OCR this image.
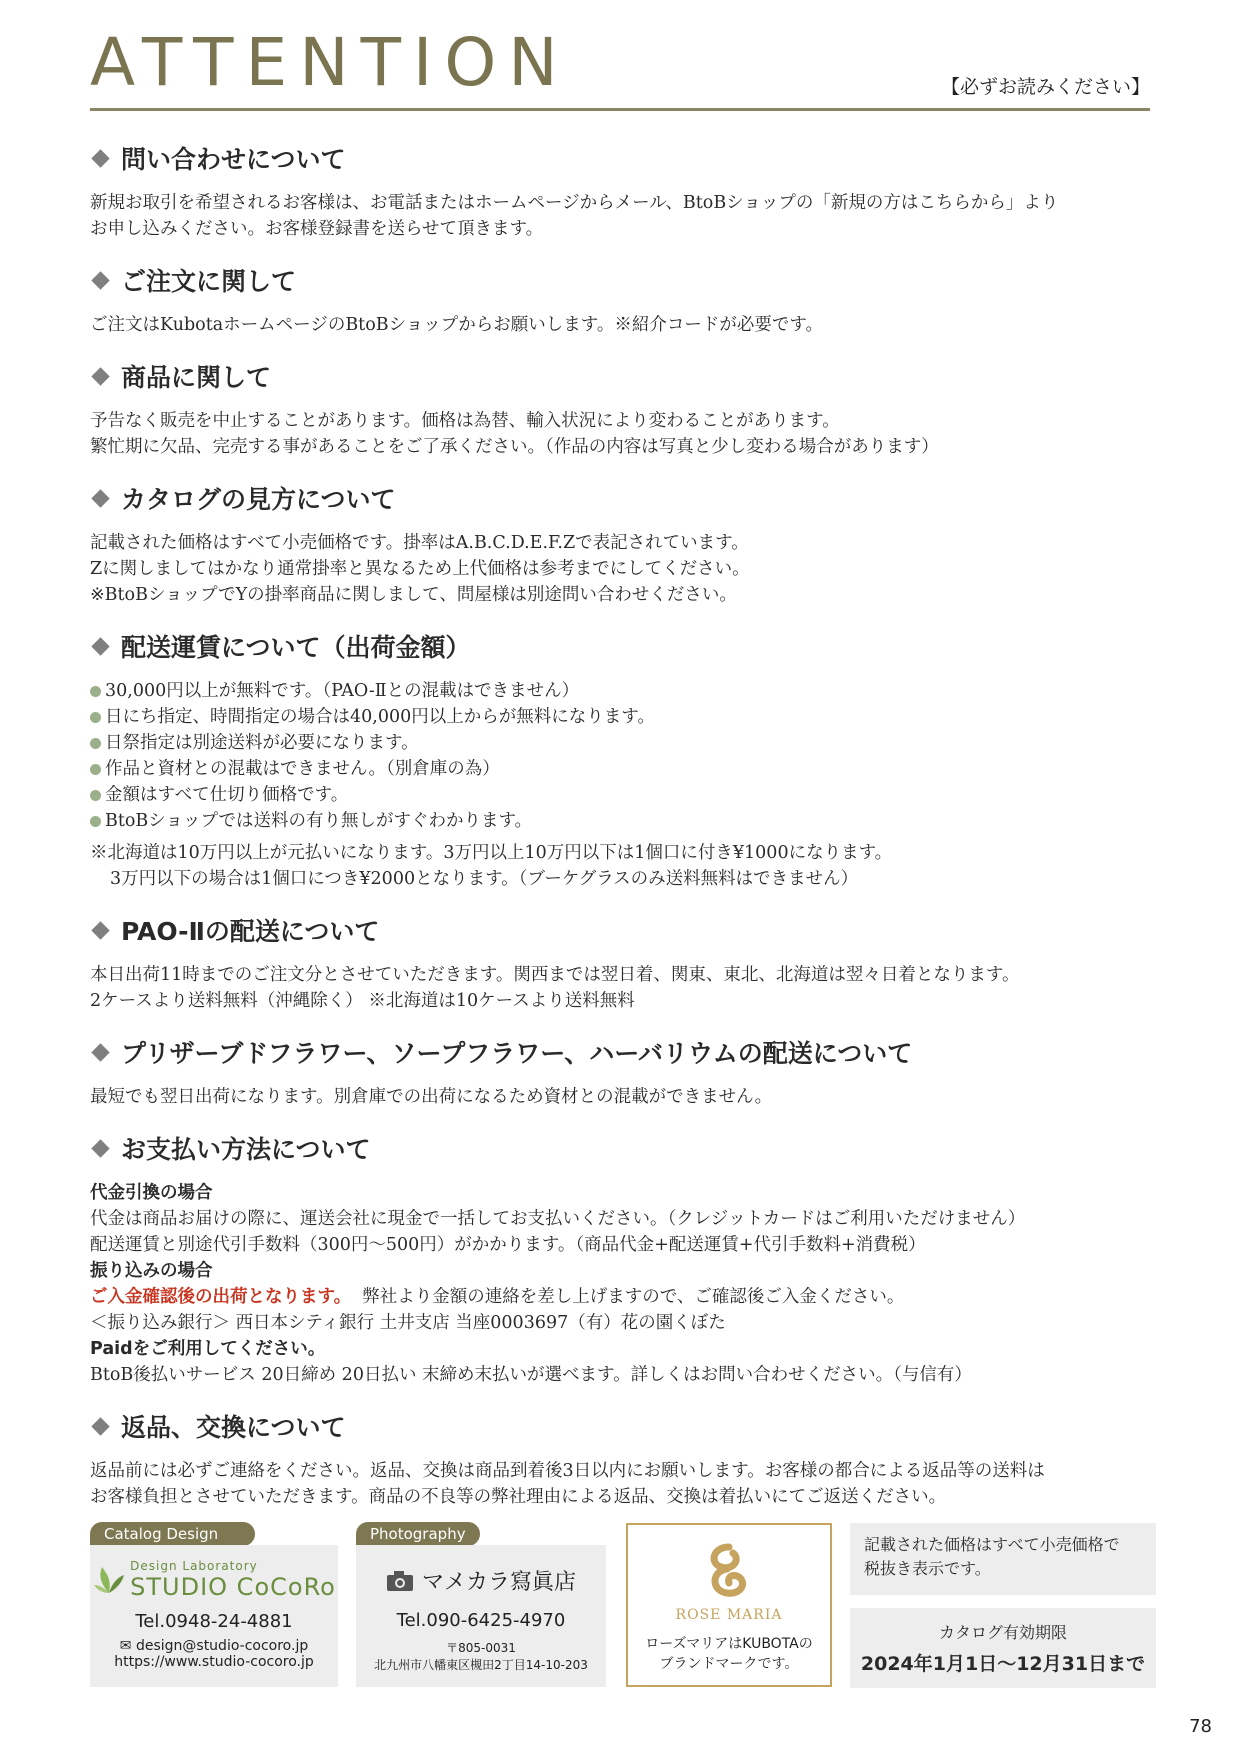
ATTENTION	【必ずお読みください】
問い合わせについて

新規お取引を希望されるお客様は、お電話またはホームページからメール、BtoBショップの「新規の方はこちらから」より

お申し込みください。お客様登録書を送らせて頂きます。

ご注文に関して

ご注文はKubotaホームページのBtoBショップからお願いします。※紹介コードが必要です。

商品に関して

予告なく販売を中止することがあります。価格は為替、輸入状況により変わることがあります。

繁忙期に欠品、完売する事があることをご了承ください。（作品の内容は写真と少し変わる場合があります）

カタログの見方について

記載された価格はすべて小売価格です。掛率はA.B.C.D.E.F.Zで表記されています。

Zに関しましてはかなり通常掛率と異なるため上代価格は参考までにしてください。

※BtoBショップでYの掛率商品に関しまして、問屋様は別途問い合わせください。

配送運賃について（出荷金額）
30,000円以上が無料です。（PAO-Ⅱとの混載はできません）
日にち指定、時間指定の場合は40,000円以上からが無料になります。
日祭指定は別途送料が必要になります。
作品と資材との混載はできません。（別倉庫の為）
金額はすべて仕切り価格です。
BtoBショップでは送料の有り無しがすぐわかります。

※北海道は10万円以上が元払いになります。3万円以上10万円以下は1個口に付き¥1000になります。

3万円以下の場合は1個口につき¥2000となります。（ブーケグラスのみ送料無料はできません）

PAO-Ⅱの配送について

本日出荷11時までのご注文分とさせていただきます。関西までは翌日着、関東、東北、北海道は翌々日着となります。

2ケースより送料無料（沖縄除く） ※北海道は10ケースより送料無料

プリザーブドフラワー、ソープフラワー、ハーバリウムの配送について

最短でも翌日出荷になります。別倉庫での出荷になるため資材との混載ができません。

お支払い方法について

代金引換の場合

代金は商品お届けの際に、運送会社に現金で一括してお支払いください。（クレジットカードはご利用いただけません）

配送運賃と別途代引手数料（300円～500円）がかかります。（商品代金+配送運賃+代引手数料+消費税）

振り込みの場合

ご入金確認後の出荷となります。 弊社より金額の連絡を差し上げますので、ご確認後ご入金ください。

＜振り込み銀行＞ 西日本シティ銀行 土井支店 当座0003697（有）花の園くぼた

Paidをご利用してください。

BtoB後払いサービス 20日締め 20日払い 末締め末払いが選べます。詳しくはお問い合わせください。（与信有）

返品、交換について

返品前には必ずご連絡をください。返品、交換は商品到着後3日以内にお願いします。お客様の都合による返品等の送料は

お客様負担とさせていただきます。商品の不良等の弊社理由による返品、交換は着払いにてご返送ください。

Catalog Design
Design Laboratory
STUDIO CoCoRo
Tel.0948-24-4881
✉ design@studio-cocoro.jp
https://www.studio-cocoro.jp
Photography
マメカラ寫眞店
Tel.090-6425-4970
〒805-0031
北九州市八幡東区槻田2丁目14-10-203
ROSE MARIA
ローズマリアはKUBOTAの
ブランドマークです。
記載された価格はすべて小売価格で
税抜き表示です。
カタログ有効期限
2024年1月1日～12月31日まで
78
